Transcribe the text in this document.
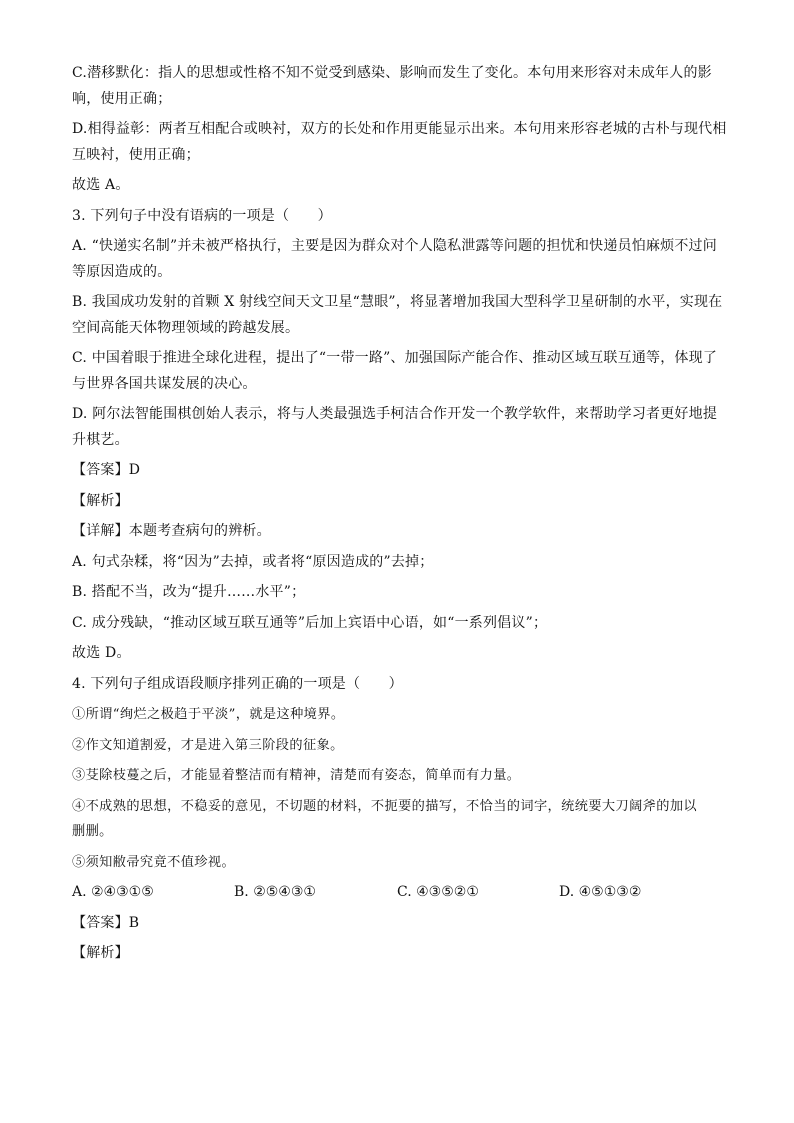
C.潜移默化：指人的思想或性格不知不觉受到感染、影响而发生了变化。本句用来形容对未成年人的影
响，使用正确；
D.相得益彰：两者互相配合或映衬，双方的长处和作用更能显示出来。本句用来形容老城的古朴与现代相
互映衬，使用正确；
故选 A。
3. 下列句子中没有语病的一项是（　　）
A. “快递实名制”并未被严格执行，主要是因为群众对个人隐私泄露等问题的担忧和快递员怕麻烦不过问
等原因造成的。
B. 我国成功发射的首颗 X 射线空间天文卫星“慧眼”，将显著增加我国大型科学卫星研制的水平，实现在
空间高能天体物理领域的跨越发展。
C. 中国着眼于推进全球化进程，提出了“一带一路”、加强国际产能合作、推动区域互联互通等，体现了
与世界各国共谋发展的决心。
D. 阿尔法智能围棋创始人表示，将与人类最强选手柯洁合作开发一个教学软件，来帮助学习者更好地提
升棋艺。
【答案】D
【解析】
【详解】本题考查病句的辨析。
A. 句式杂糅，将“因为”去掉，或者将“原因造成的”去掉；
B. 搭配不当，改为“提升……水平”；
C. 成分残缺，“推动区域互联互通等”后加上宾语中心语，如“一系列倡议”；
故选 D。
4. 下列句子组成语段顺序排列正确的一项是（　　）
①所谓“绚烂之极趋于平淡”，就是这种境界。
②作文知道割爱，才是进入第三阶段的征象。
③芟除枝蔓之后，才能显着整洁而有精神，清楚而有姿态，简单而有力量。
④不成熟的思想，不稳妥的意见，不切题的材料，不扼要的描写，不恰当的词字，统统要大刀阔斧的加以
删删。
⑤须知敝帚究竟不值珍视。
A. ②④③①⑤	B. ②⑤④③①	C. ④③⑤②①	D. ④⑤①③②
【答案】B
【解析】
